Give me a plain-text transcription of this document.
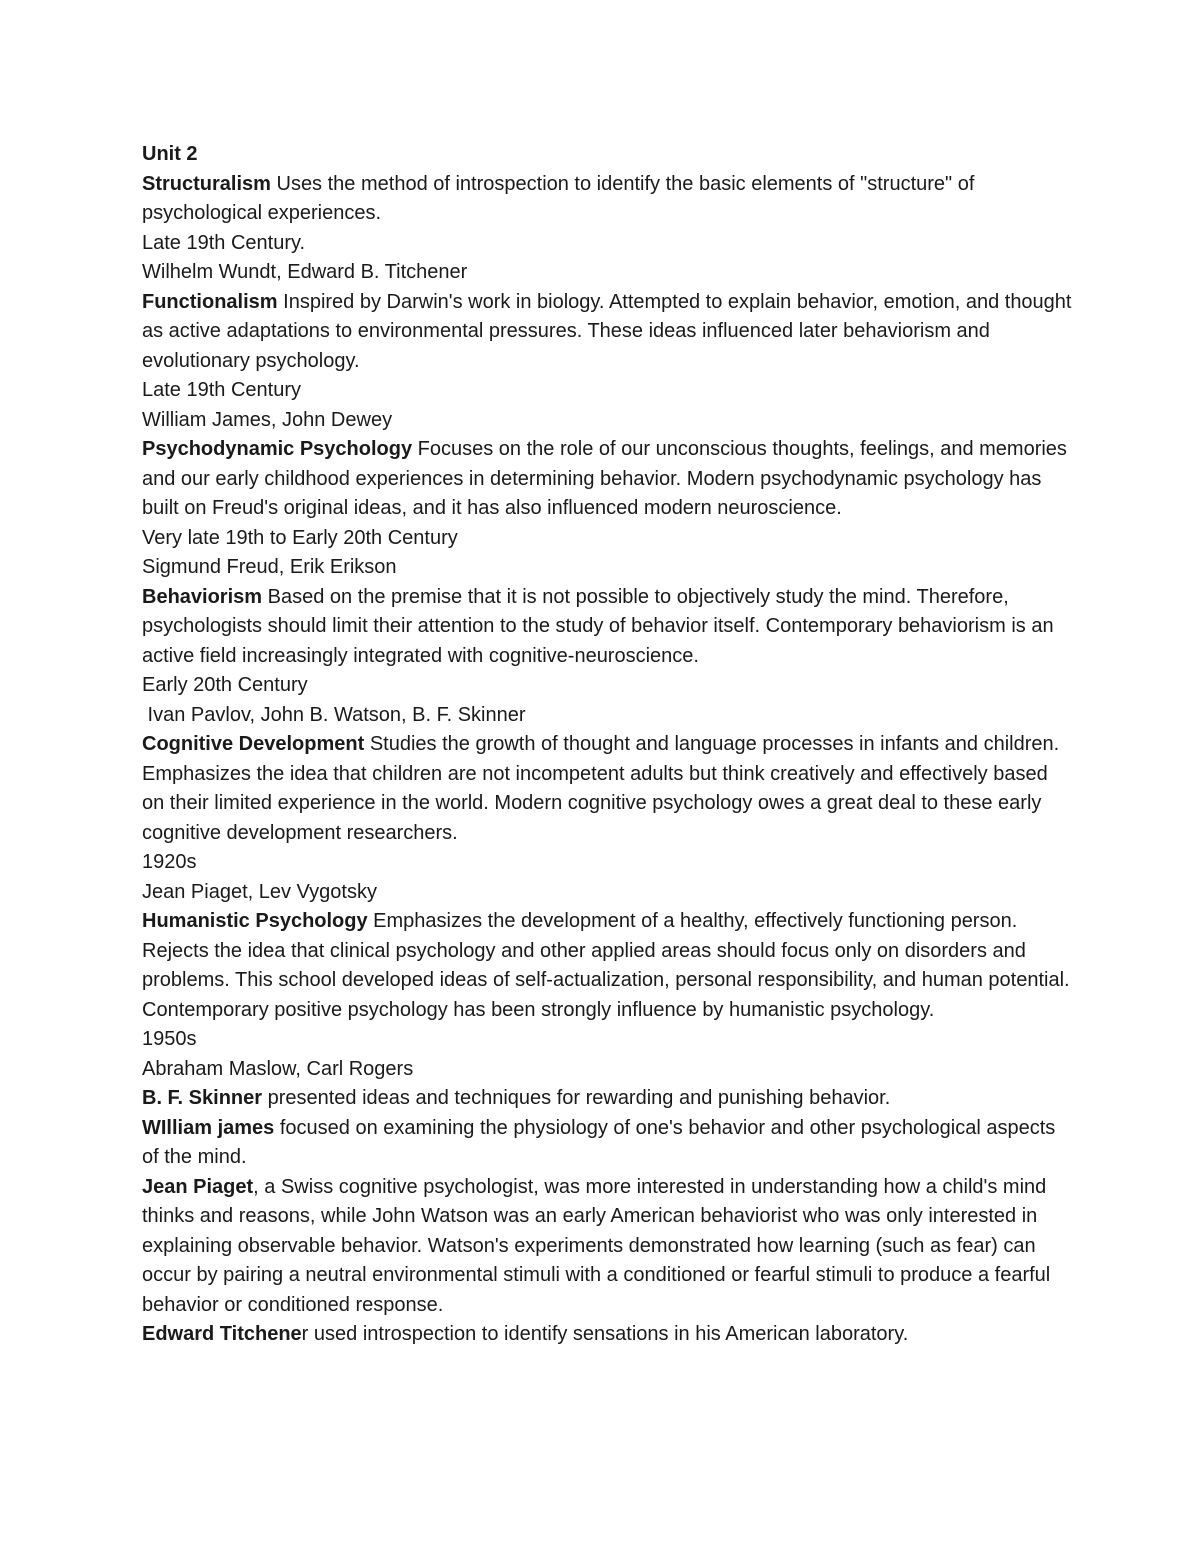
Unit 2

Structuralism Uses the method of introspection to identify the basic elements of "structure" of psychological experiences.

Late 19th Century.

Wilhelm Wundt, Edward B. Titchener

Functionalism Inspired by Darwin's work in biology. Attempted to explain behavior, emotion, and thought as active adaptations to environmental pressures. These ideas influenced later behaviorism and evolutionary psychology.

Late 19th Century

William James, John Dewey

Psychodynamic Psychology Focuses on the role of our unconscious thoughts, feelings, and memories and our early childhood experiences in determining behavior. Modern psychodynamic psychology has built on Freud's original ideas, and it has also influenced modern neuroscience.

Very late 19th to Early 20th Century

Sigmund Freud, Erik Erikson

Behaviorism Based on the premise that it is not possible to objectively study the mind. Therefore, psychologists should limit their attention to the study of behavior itself. Contemporary behaviorism is an active field increasingly integrated with cognitive-neuroscience.

Early 20th Century

Ivan Pavlov, John B. Watson, B. F. Skinner

Cognitive Development Studies the growth of thought and language processes in infants and children. Emphasizes the idea that children are not incompetent adults but think creatively and effectively based on their limited experience in the world. Modern cognitive psychology owes a great deal to these early cognitive development researchers.

1920s

Jean Piaget, Lev Vygotsky

Humanistic Psychology Emphasizes the development of a healthy, effectively functioning person. Rejects the idea that clinical psychology and other applied areas should focus only on disorders and problems. This school developed ideas of self-actualization, personal responsibility, and human potential. Contemporary positive psychology has been strongly influence by humanistic psychology.

1950s

Abraham Maslow, Carl Rogers

B. F. Skinner presented ideas and techniques for rewarding and punishing behavior.

WIlliam james focused on examining the physiology of one's behavior and other psychological aspects of the mind.

Jean Piaget, a Swiss cognitive psychologist, was more interested in understanding how a child's mind thinks and reasons, while John Watson was an early American behaviorist who was only interested in explaining observable behavior. Watson's experiments demonstrated how learning (such as fear) can occur by pairing a neutral environmental stimuli with a conditioned or fearful stimuli to produce a fearful behavior or conditioned response.

Edward Titchener used introspection to identify sensations in his American laboratory.
